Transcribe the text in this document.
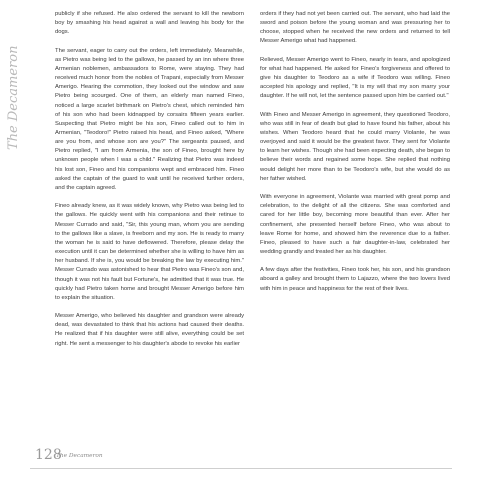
The Decameron

publicly if she refused. He also ordered the servant to kill the newborn boy by smashing his head against a wall and leaving his body for the dogs.

The servant, eager to carry out the orders, left immediately. Meanwhile, as Pietro was being led to the gallows, he passed by an inn where three Armenian noblemen, ambassadors to Rome, were staying. They had received much honor from the nobles of Trapani, especially from Messer Amerigo. Hearing the commotion, they looked out the window and saw Pietro being scourged. One of them, an elderly man named Fineo, noticed a large scarlet birthmark on Pietro's chest, which reminded him of his son who had been kidnapped by corsairs fifteen years earlier. Suspecting that Pietro might be his son, Fineo called out to him in Armenian, "Teodoro!" Pietro raised his head, and Fineo asked, "Where are you from, and whose son are you?" The sergeants paused, and Pietro replied, "I am from Armenia, the son of Fineo, brought here by unknown people when I was a child." Realizing that Pietro was indeed his lost son, Fineo and his companions wept and embraced him. Fineo asked the captain of the guard to wait until he received further orders, and the captain agreed.

Fineo already knew, as it was widely known, why Pietro was being led to the gallows. He quickly went with his companions and their retinue to Messer Currado and said, "Sir, this young man, whom you are sending to the gallows like a slave, is freeborn and my son. He is ready to marry the woman he is said to have deflowered. Therefore, please delay the execution until it can be determined whether she is willing to have him as her husband. If she is, you would be breaking the law by executing him." Messer Currado was astonished to hear that Pietro was Fineo's son and, though it was not his fault but Fortune's, he admitted that it was true. He quickly had Pietro taken home and brought Messer Amerigo before him to explain the situation.

Messer Amerigo, who believed his daughter and grandson were already dead, was devastated to think that his actions had caused their deaths. He realized that if his daughter were still alive, everything could be set right. He sent a messenger to his daughter's abode to revoke his earlier

orders if they had not yet been carried out. The servant, who had laid the sword and poison before the young woman and was pressuring her to choose, stopped when he received the new orders and returned to tell Messer Amerigo what had happened.

Relieved, Messer Amerigo went to Fineo, nearly in tears, and apologized for what had happened. He asked for Fineo's forgiveness and offered to give his daughter to Teodoro as a wife if Teodoro was willing. Fineo accepted his apology and replied, "It is my will that my son marry your daughter. If he will not, let the sentence passed upon him be carried out."

With Fineo and Messer Amerigo in agreement, they questioned Teodoro, who was still in fear of death but glad to have found his father, about his wishes. When Teodoro heard that he could marry Violante, he was overjoyed and said it would be the greatest favor. They sent for Violante to learn her wishes. Though she had been expecting death, she began to believe their words and regained some hope. She replied that nothing would delight her more than to be Teodoro's wife, but she would do as her father wished.

With everyone in agreement, Violante was married with great pomp and celebration, to the delight of all the citizens. She was comforted and cared for her little boy, becoming more beautiful than ever. After her confinement, she presented herself before Fineo, who was about to leave Rome for home, and showed him the reverence due to a father. Fineo, pleased to have such a fair daughter-in-law, celebrated her wedding grandly and treated her as his daughter.

A few days after the festivities, Fineo took her, his son, and his grandson aboard a galley and brought them to Lajazzo, where the two lovers lived with him in peace and happiness for the rest of their lives.

128
The Decameron
